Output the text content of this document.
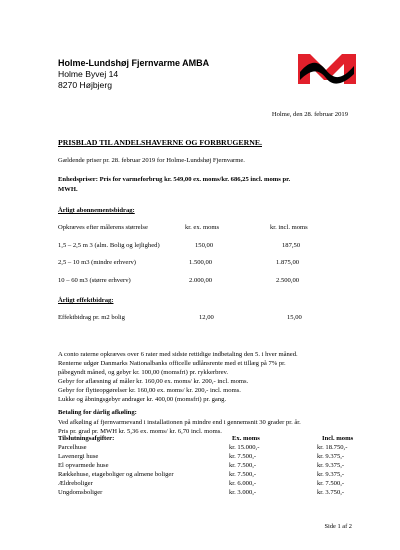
Holme-Lundshøj Fjernvarme AMBA
Holme Byvej 14
8270 Højbjerg
Holme, den 28. februar 2019
PRISBLAD TIL ANDELSHAVERNE OG FORBRUGERNE.
Gældende priser pr. 28. februar 2019 for Holme-Lundshøj Fjernvarme.
Enhedspriser: Pris for varmeforbrug kr. 549,00 ex. moms/kr. 686,25 incl. moms pr.
MWH.
Årligt abonnementsbidrag:
Opkræves efter målerens størrelse	kr. ex. moms	kr. incl. moms
1,5 – 2,5 m 3 (alm. Bolig og lejlighed)	150,00	187,50
2,5 – 10 m3 (mindre erhverv)	1.500,00	1.875,00
10 – 60 m3 (større erhverv)	2.000,00	2.500,00
Årligt effektbidrag:
Effektbidrag pr. m2 bolig	12,00	15,00
A conto raterne opkræves over 6 rater med sidste rettidige indbetaling den 5. i hver måned.
Renterne udgør Danmarks Nationalbanks officelle udlånsrente med et tillæg på 7% pr.
påbegyndt måned, og gebyr kr. 100,00 (momsfri) pr. rykkerbrev.
Gebyr for aflæsning af måler kr. 160,00 ex. moms/ kr. 200,- incl. moms.
Gebyr for flytteopgørelser kr. 160,00 ex. moms/ kr. 200,- incl. moms.
Lukke og åbningsgebyr andrager kr. 400,00 (momsfri) pr. gang.
Betaling for dårlig afkøling:
Ved afkøling af fjernvarmevand i installationen på mindre end i gennemsnit 30 grader pr. år.
Pris pr. grad pr. MWH kr. 5,36 ex. moms/ kr. 6,70 incl. moms.
Tilslutningsafgifter:	Ex. moms	Incl. moms
Parcelhuse	kr. 15.000,-	kr. 18.750,-
Lavenergi huse	kr. 7.500,-	kr. 9.375,-
El opvarmede huse	kr. 7.500,-	kr. 9.375,-
Rækkehuse, etageboliger og almene boliger	kr. 7.500,-	kr. 9.375,-
Ældreboliger	kr. 6.000,-	kr. 7.500,-
Ungdomsboliger	kr. 3.000,-	kr. 3.750,-
Side 1 af 2
